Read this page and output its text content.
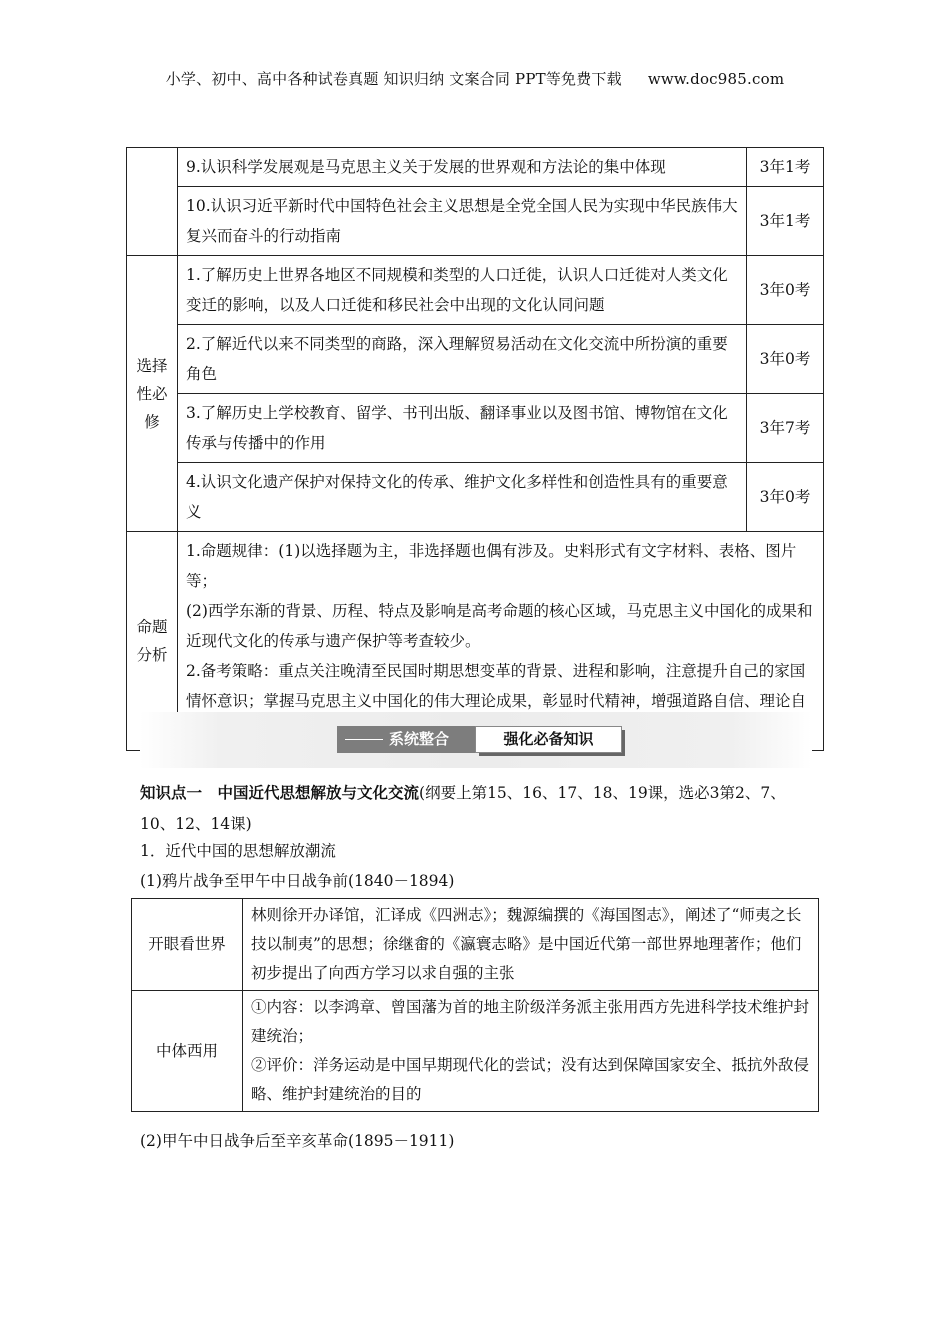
小学、初中、高中各种试卷真题 知识归纳 文案合同 PPT等免费下载 www.doc985.com
	9.认识科学发展观是马克思主义关于发展的世界观和方法论的集中体现	3年1考
	10.认识习近平新时代中国特色社会主义思想是全党全国人民为实现中华民族伟大复兴而奋斗的行动指南	3年1考
选择性必修	1.了解历史上世界各地区不同规模和类型的人口迁徙，认识人口迁徙对人类文化变迁的影响，以及人口迁徙和移民社会中出现的文化认同问题	3年0考
	2.了解近代以来不同类型的商路，深入理解贸易活动在文化交流中所扮演的重要角色	3年0考
	3.了解历史上学校教育、留学、书刊出版、翻译事业以及图书馆、博物馆在文化传承与传播中的作用	3年7考
	4.认识文化遗产保护对保持文化的传承、维护文化多样性和创造性具有的重要意义	3年0考
命题分析	1.命题规律：(1)以选择题为主，非选择题也偶有涉及。史料形式有文字材料、表格、图片等；
(2)西学东渐的背景、历程、特点及影响是高考命题的核心区域，马克思主义中国化的成果和近现代文化的传承与遗产保护等考查较少。
2.备考策略：重点关注晚清至民国时期思想变革的背景、进程和影响，注意提升自己的家国情怀意识；掌握马克思主义中国化的伟大理论成果，彰显时代精神，增强道路自信、理论自	
系统整合	强化必备知识
知识点一　中国近代思想解放与文化交流(纲要上第15、16、17、18、19课，选必3第2、7、10、12、14课)
1．近代中国的思想解放潮流
(1)鸦片战争至甲午中日战争前(1840－1894)
开眼看世界	林则徐开办译馆，汇译成《四洲志》；魏源编撰的《海国图志》，阐述了“师夷之长技以制夷”的思想；徐继畬的《瀛寰志略》是中国近代第一部世界地理著作；他们初步提出了向西方学习以求自强的主张

中体西用	①内容：以李鸿章、曾国藩为首的地主阶级洋务派主张用西方先进科学技术维护封建统治；
②评价：洋务运动是中国早期现代化的尝试；没有达到保障国家安全、抵抗外敌侵略、维护封建统治的目的
(2)甲午中日战争后至辛亥革命(1895－1911)
